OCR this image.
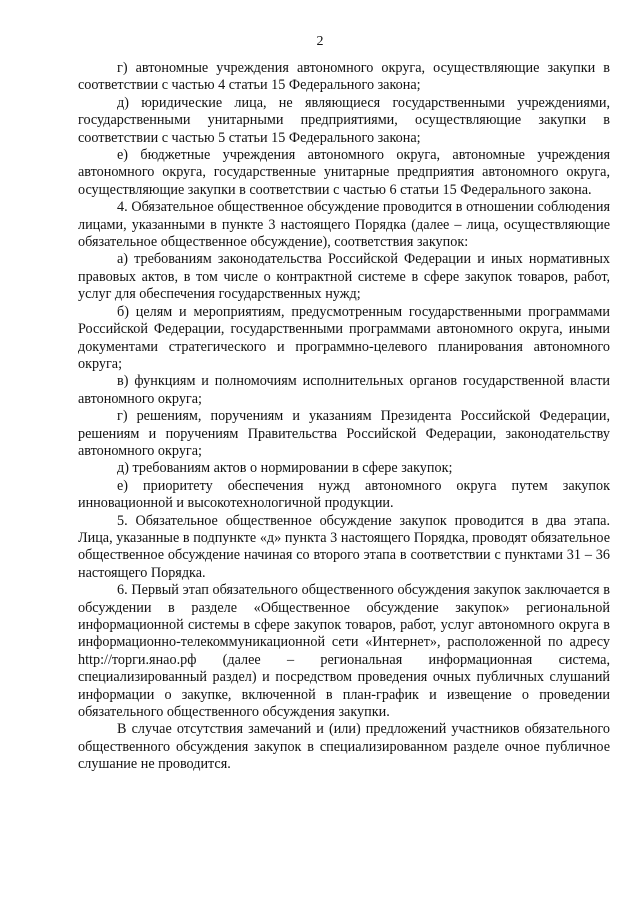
2

г) автономные учреждения автономного округа, осуществляющие закупки в соответствии с частью 4 статьи 15 Федерального закона;

д) юридические лица, не являющиеся государственными учреждениями, государственными унитарными предприятиями, осуществляющие закупки в соответствии с частью 5 статьи 15 Федерального закона;

е) бюджетные учреждения автономного округа, автономные учреждения автономного округа, государственные унитарные предприятия автономного округа, осуществляющие закупки в соответствии с частью 6 статьи 15 Федерального закона.

4. Обязательное общественное обсуждение проводится в отношении соблюдения лицами, указанными в пункте 3 настоящего Порядка (далее – лица, осуществляющие обязательное общественное обсуждение), соответствия закупок:

а) требованиям законодательства Российской Федерации и иных нормативных правовых актов, в том числе о контрактной системе в сфере закупок товаров, работ, услуг для обеспечения государственных нужд;

б) целям и мероприятиям, предусмотренным государственными программами Российской Федерации, государственными программами автономного округа, иными документами стратегического и программно-целевого планирования автономного округа;

в) функциям и полномочиям исполнительных органов государственной власти автономного округа;

г) решениям, поручениям и указаниям Президента Российской Федерации, решениям и поручениям Правительства Российской Федерации, законодательству автономного округа;

д) требованиям актов о нормировании в сфере закупок;

е) приоритету обеспечения нужд автономного округа путем закупок инновационной и высокотехнологичной продукции.

5. Обязательное общественное обсуждение закупок проводится в два этапа. Лица, указанные в подпункте «д» пункта 3 настоящего Порядка, проводят обязательное общественное обсуждение начиная со второго этапа в соответствии с пунктами 31 – 36 настоящего Порядка.

6. Первый этап обязательного общественного обсуждения закупок заключается в обсуждении в разделе «Общественное обсуждение закупок» региональной информационной системы в сфере закупок товаров, работ, услуг автономного округа в информационно-телекоммуникационной сети «Интернет», расположенной по адресу http://торги.янао.рф (далее – региональная информационная система, специализированный раздел) и посредством проведения очных публичных слушаний информации о закупке, включенной в план-график и извещение о проведении обязательного общественного обсуждения закупки.

В случае отсутствия замечаний и (или) предложений участников обязательного общественного обсуждения закупок в специализированном разделе очное публичное слушание не проводится.
